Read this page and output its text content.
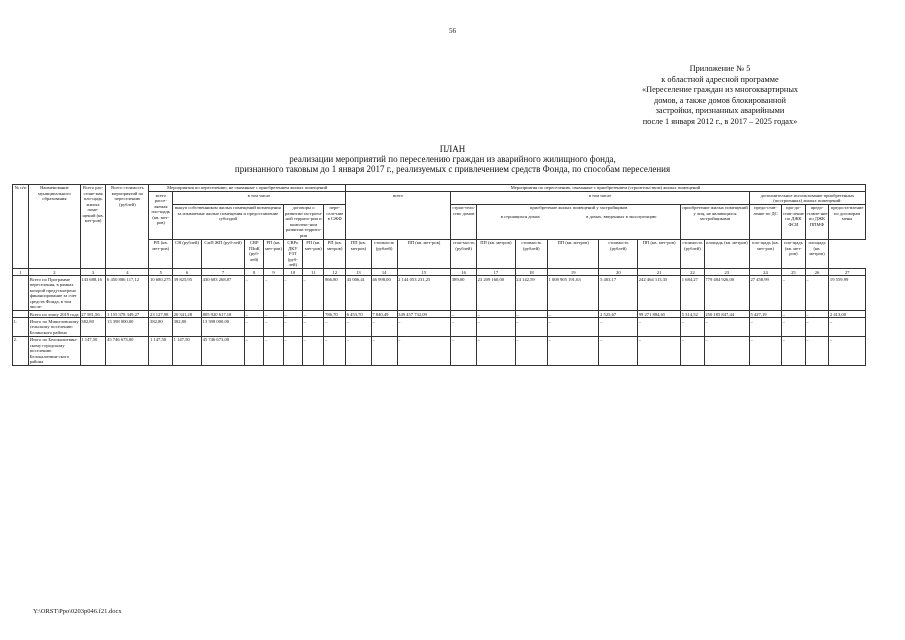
56
Приложение № 5
к областной адресной программе
«Переселение граждан из многоквартирных
домов, а также домов блокированной
застройки, признанных аварийными
после 1 января 2012 г., в 2017 – 2025 годах»
ПЛАН
реализации мероприятий по переселению граждан из аварийного жилищного фонда,
признанного таковым до 1 января 2017 г., реализуемых с привлечением средств Фонда, по способам переселения
№ п/п	Наименование муниципального образования	Всего рас-селяе-мая пло-щадь жилых поме-щений (кв. мет-ров)	Всего стоимость мероприятий по переселению (рублей)	Мероприятия по переселению, не связанные с приобретением жилых помещений								Мероприятия по переселению, связанные с приобретением (строительством) жилых помещений														
				всего рассе-ляемая пло-щадь (кв. мет-ров)	в том числе							всего			в том числе								дополнительное использование приобретенных (построенных) жилых помещений:			
					выкуп собственником жилых помещений возмещения за изымаемые жилые помещения и предоставление субсидий				договоры о развитии застроен-ной террито-рии и комплекс-ном развитии террито-рии		пере-селе-ние в СЖФ				строи-тель-ство домов	приобретение жилых помещений у застройщиков
в строящихся домах в домах, введенных в эксплуатацию					приобретение жилых помещений у лиц, не являющихся застройщиками		предо-став-ление по ДС	про-до-став-ление по ДЖК ФСИ	предо-ставле-ние по ДЖК ППМФ	предоста-вление по договорам мены
				РП (кв. мет-ров)	СВ (рублей)	СмП ЖП (руб-лей)	СВР ПЗиК (руб-лей)	РП (кв. мет-ров)	СВРо ДКУ РЗТ (руб-лей)	РП (кв. мет-ров)	РП (кв. метров)	ПП (кв. метров)	стоимость (рублей)	ПП (кв. мет-ров)	стои-мость (рублей)	ПП (кв. метров)	стоимость (рублей)	ПП (кв. метров)	стоимость (рублей)	ПП (кв. мет-ров)	стоимость (рублей)	площадь (кв. метров)	пло-щадь (кв. мет-ров)	пло-щадь (кв. мет-ров)	площадь (кв. метров)	
1	2	3	4	5	6	7	8	9	10	11	12	13	14	15	16	17	18	19	20	21	22	23	24	25	26	27
	Всего по Программе переселения, в рамках которой предусмотрено финансирование за счет средств Фонда, в том числе:	143 688,16	6 450 886 117,12	10 680,275	39 825,95	430 683 268,87	–	–	–	–	866,80	43 006,41	46 998,00	2 144 053 231,25	389,00	23 209 160,00	24 142,59	1 008 905 191,63	5 403,17	242 464 113,35	1 684,27	779 484 926,00	27 458,99	–	–	19 559,99
	Всего по этапу 2019 года	27 581,56	1 155 378 349,27	23 127,98	20 341,28	805 920 617,18	–	–	–	–	786,70	6 453,70	7 840,49	349 457 732,09	–	–	–	–	2 525,67	99 271 884,65	5 314,52	250 185 847,44	5 427,19	–	–	2 413,00
1.	Итого по Мишеловскому сельскому поселению Белинского района	382,80	13 398 000,00	382,80	382,80	13 398 000,00	–	–	–	–	–	–	–	–	–	–	–	–	–	–	–	–	–	–	–	–
2.	Итого по Белокалитвин-скому городскому поселению Белокалитвин-ского района	1 147,50	45 746 673,00	1 147,50	1 147,50	45 746 673,00	–	–	–	–	–	–	–	–	–	–	–	–	–	–	–	–	–	–	–	–
Y:\ORST\Ppo\0203p046.f21.docx
